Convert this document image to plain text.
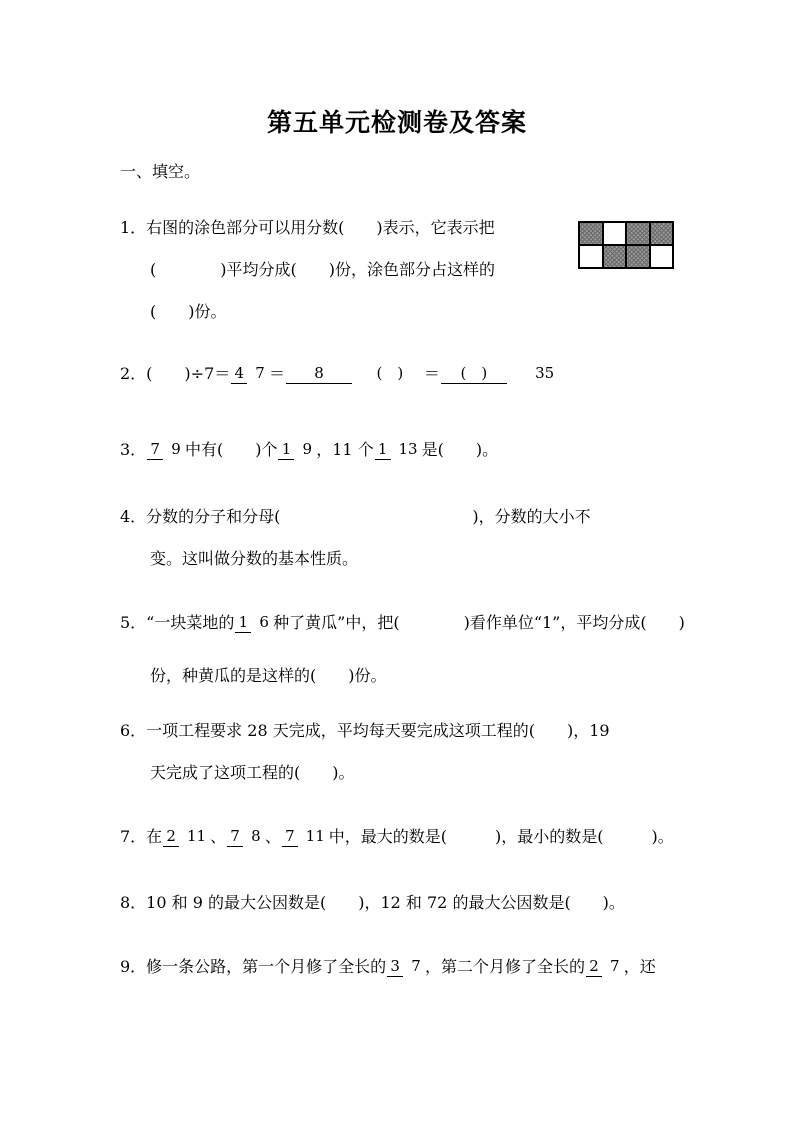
第五单元检测卷及答案
一、填空。
1．右图的涂色部分可以用分数(　　)表示，它表示把
(　　　　)平均分成(　　)份，涂色部分占这样的
(　　)份。
2．(　　)÷7＝ 4 7 ＝	8	(　)	＝	(　)	35
3． 7 9 中有(　　)个 1 9 ，11 个 1 13 是(　　)。
4．分数的分子和分母(　　　　　　　　　　　　)，分数的大小不
变。这叫做分数的基本性质。
5．“一块菜地的 1 6 种了黄瓜”中，把(　　　　)看作单位“1”，平均分成(　　)
份，种黄瓜的是这样的(　　)份。
6．一项工程要求 28 天完成，平均每天要完成这项工程的(　　)，19
天完成了这项工程的(　　)。
7．在 2 11 、 7 8 、 7 11 中，最大的数是(　　　)，最小的数是(　　　)。
8．10 和 9 的最大公因数是(　　)，12 和 72 的最大公因数是(　　)。
9．修一条公路，第一个月修了全长的 3 7 ，第二个月修了全长的 2 7 ，还
